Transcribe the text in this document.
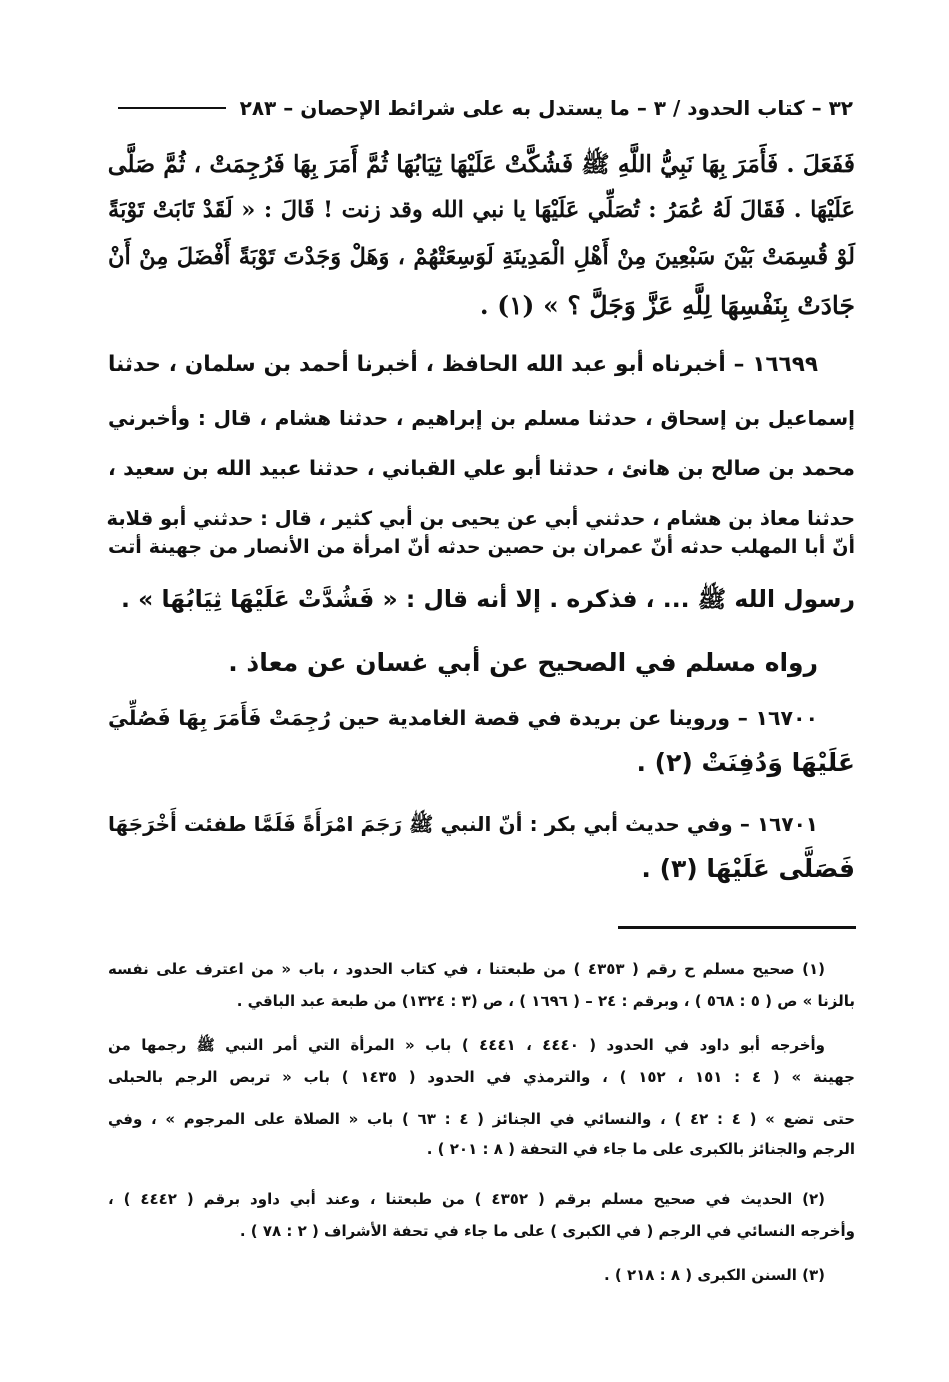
٣٢ – كتاب الحدود / ٣ – ما يستدل به على شرائط الإحصان – ٢٨٣
فَفَعَلَ . فَأَمَرَ بِهَا نَبِيُّ اللَّهِ ﷺ فَشُكَّتْ عَلَيْهَا ثِيَابُهَا ثُمَّ أَمَرَ بِهَا فَرُجِمَتْ ، ثُمَّ صَلَّى
عَلَيْهَا . فَقَالَ لَهُ عُمَرُ : تُصَلِّي عَلَيْهَا يا نبي الله وقد زنت ! قَالَ : « لَقَدْ تَابَتْ تَوْبَةً
لَوْ قُسِمَتْ بَيْنَ سَبْعِينَ مِنْ أَهْلِ الْمَدِينَةِ لَوَسِعَتْهُمْ ، وَهَلْ وَجَدْتَ تَوْبَةً أَفْضَلَ مِنْ أَنْ
جَادَتْ بِنَفْسِهَا لِلَّهِ عَزَّ وَجَلَّ ؟ » (١) .
١٦٦٩٩ – أخبرناه أبو عبد الله الحافظ ، أخبرنا أحمد بن سلمان ، حدثنا
إسماعيل بن إسحاق ، حدثنا مسلم بن إبراهيم ، حدثنا هشام ، قال : وأخبرني
محمد بن صالح بن هانئ ، حدثنا أبو علي القباني ، حدثنا عبيد الله بن سعيد ،
حدثنا معاذ بن هشام ، حدثني أبي عن يحيى بن أبي كثير ، قال : حدثني أبو قلابة
أنّ أبا المهلب حدثه أنّ عمران بن حصين حدثه أنّ امرأة من الأنصار من جهينة أتت
رسول الله ﷺ ... ، فذكره . إلا أنه قال : « فَشُدَّتْ عَلَيْهَا ثِيَابُهَا » .
رواه مسلم في الصحيح عن أبي غسان عن معاذ .
١٦٧٠٠ – وروينا عن بريدة في قصة الغامدية حين رُجِمَتْ فَأَمَرَ بِهَا فَصُلِّيَ
عَلَيْهَا وَدُفِنَتْ (٢) .
١٦٧٠١ – وفي حديث أبي بكر : أنّ النبي ﷺ رَجَمَ امْرَأَةً فَلَمَّا طفئت أَخْرَجَهَا
فَصَلَّى عَلَيْهَا (٣) .
(١) صحيح مسلم ح رقم ( ٤٣٥٣ ) من طبعتنا ، في كتاب الحدود ، باب « من اعترف على نفسه
بالزنا » ص ( ٥ : ٥٦٨ ) ، وبرقم : ٢٤ – ( ١٦٩٦ ) ، ص (٣ : ١٣٢٤) من طبعة عبد الباقي .
وأخرجه أبو داود في الحدود ( ٤٤٤٠ ، ٤٤٤١ ) باب « المرأة التي أمر النبي ﷺ رجمها من
جهينة » ( ٤ : ١٥١ ، ١٥٢ ) ، والترمذي في الحدود ( ١٤٣٥ ) باب « تربص الرجم بالحبلى
حتى تضع » ( ٤ : ٤٢ ) ، والنسائي في الجنائز ( ٤ : ٦٣ ) باب « الصلاة على المرجوم » ، وفي
الرجم والجنائز بالكبرى على ما جاء في التحفة ( ٨ : ٢٠١ ) .
(٢) الحديث في صحيح مسلم برقم ( ٤٣٥٢ ) من طبعتنا ، وعند أبي داود برقم ( ٤٤٤٢ ) ،
وأخرجه النسائي في الرجم ( في الكبرى ) على ما جاء في تحفة الأشراف ( ٢ : ٧٨ ) .
(٣) السنن الكبرى ( ٨ : ٢١٨ ) .
